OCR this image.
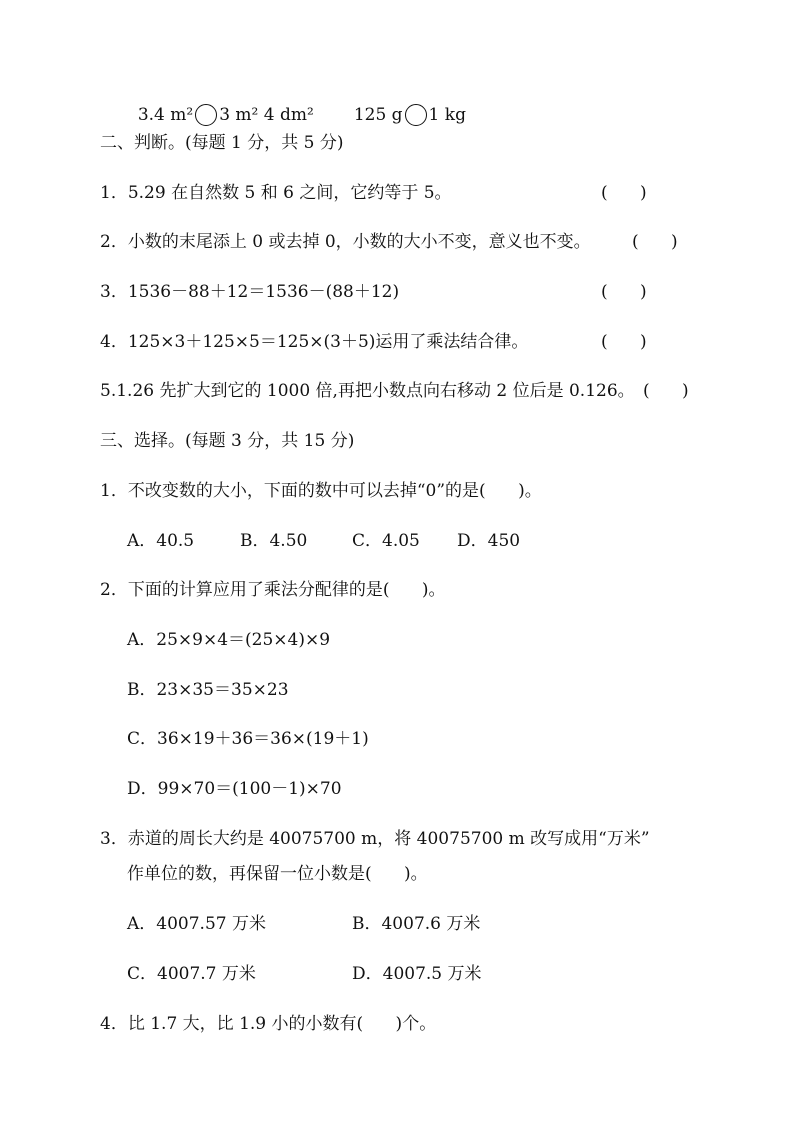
3.4 m² 3 m² 4 dm²	125 g 1 kg

二、判断。(每题 1 分，共 5 分)
1．5.29 在自然数 5 和 6 之间，它约等于 5。	(      )
2．小数的末尾添上 0 或去掉 0，小数的大小不变，意义也不变。 (      )
3．1536－88＋12＝1536－(88＋12)	(      )
4．125×3＋125×5＝125×(3＋5)运用了乘法结合律。	(      )
5.1.26 先扩大到它的 1000 倍,再把小数点向右移动 2 位后是 0.126。 (      )
三、选择。(每题 3 分，共 15 分)
1．不改变数的大小，下面的数中可以去掉“0”的是(      )。
A．40.5	B．4.50	C．4.05 D．450
2．下面的计算应用了乘法分配律的是(      )。
A．25×9×4＝(25×4)×9
B．23×35＝35×23
C．36×19＋36＝36×(19＋1)
D．99×70＝(100－1)×70
3．赤道的周长大约是 40075700 m，将 40075700 m 改写成用“万米”
作单位的数，再保留一位小数是(      )。
A．4007.57 万米	B．4007.6 万米
C．4007.7 万米	D．4007.5 万米
4．比 1.7 大，比 1.9 小的小数有(      )个。
